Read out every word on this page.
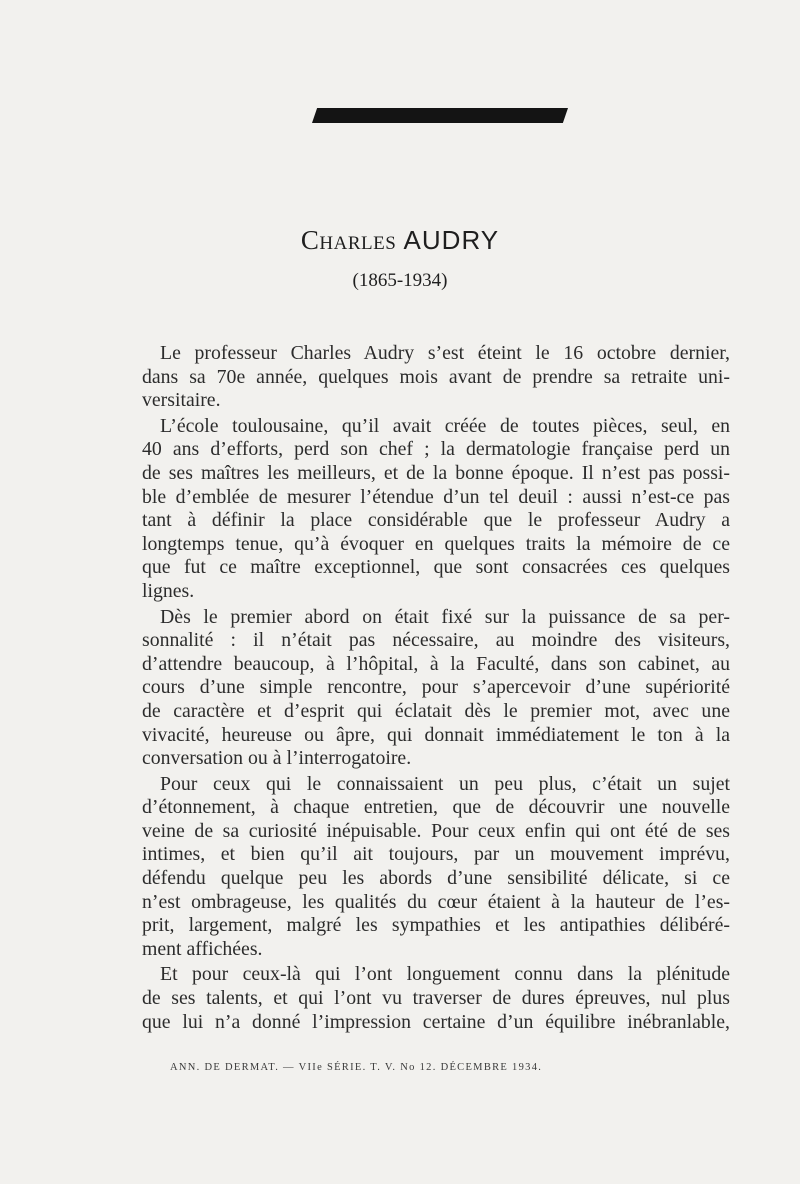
Charles AUDRY
(1865-1934)
Le professeur Charles Audry s’est éteint le 16 octobre dernier,
dans sa 70e année, quelques mois avant de prendre sa retraite uni-
versitaire.
L’école toulousaine, qu’il avait créée de toutes pièces, seul, en
40 ans d’efforts, perd son chef ; la dermatologie française perd un
de ses maîtres les meilleurs, et de la bonne époque. Il n’est pas possi-
ble d’emblée de mesurer l’étendue d’un tel deuil : aussi n’est-ce pas
tant à définir la place considérable que le professeur Audry a
longtemps tenue, qu’à évoquer en quelques traits la mémoire de ce
que fut ce maître exceptionnel, que sont consacrées ces quelques
lignes.
Dès le premier abord on était fixé sur la puissance de sa per-
sonnalité : il n’était pas nécessaire, au moindre des visiteurs,
d’attendre beaucoup, à l’hôpital, à la Faculté, dans son cabinet, au
cours d’une simple rencontre, pour s’apercevoir d’une supériorité
de caractère et d’esprit qui éclatait dès le premier mot, avec une
vivacité, heureuse ou âpre, qui donnait immédiatement le ton à la
conversation ou à l’interrogatoire.
Pour ceux qui le connaissaient un peu plus, c’était un sujet
d’étonnement, à chaque entretien, que de découvrir une nouvelle
veine de sa curiosité inépuisable. Pour ceux enfin qui ont été de ses
intimes, et bien qu’il ait toujours, par un mouvement imprévu,
défendu quelque peu les abords d’une sensibilité délicate, si ce
n’est ombrageuse, les qualités du cœur étaient à la hauteur de l’es-
prit, largement, malgré les sympathies et les antipathies délibéré-
ment affichées.
Et pour ceux-là qui l’ont longuement connu dans la plénitude
de ses talents, et qui l’ont vu traverser de dures épreuves, nul plus
que lui n’a donné l’impression certaine d’un équilibre inébranlable,
ANN. DE DERMAT. — VIIe SÉRIE. T. V. No 12. DÉCEMBRE 1934.
